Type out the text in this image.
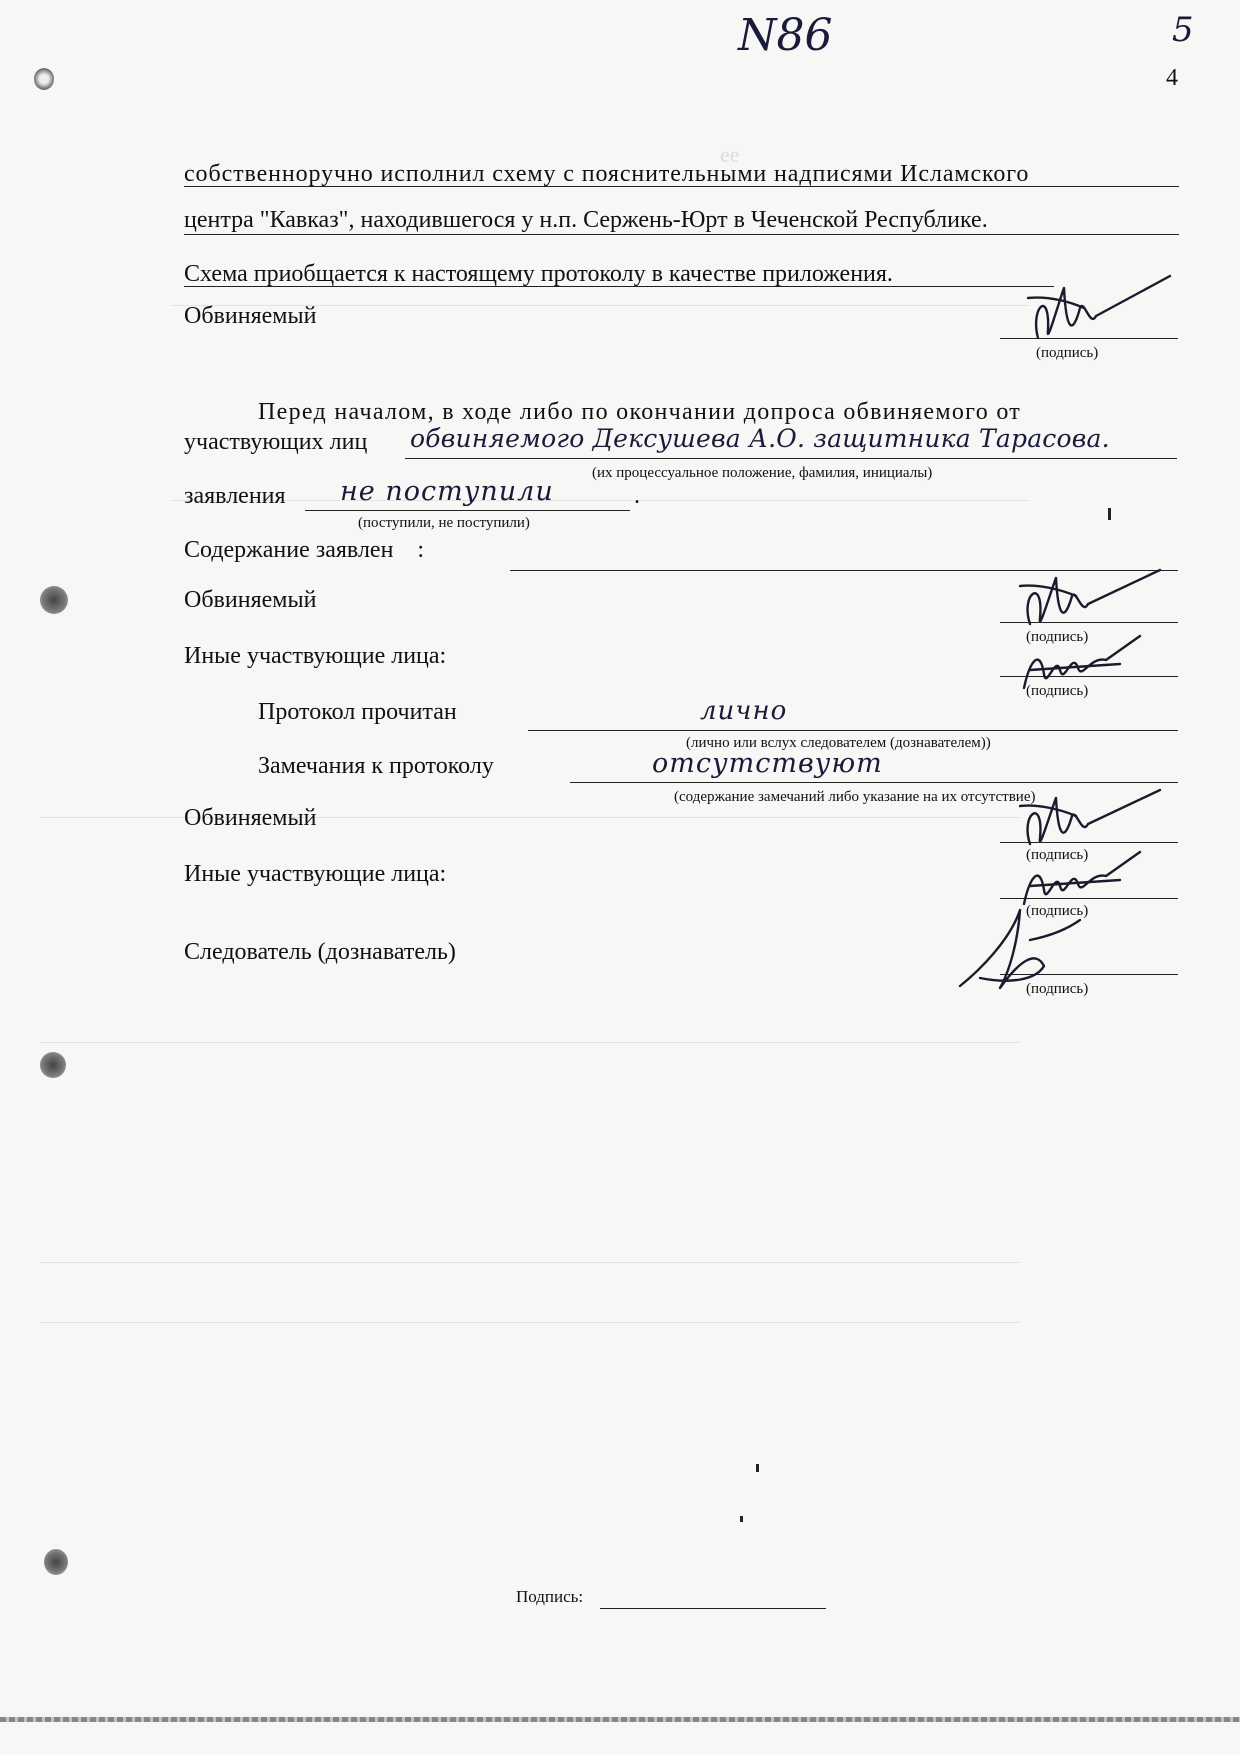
ее
N86	5
4
собственноручно исполнил схему с пояснительными надписями Исламского
центра "Кавказ", находившегося у н.п. Сержень-Юрт в Чеченской Республике.
Схема приобщается к настоящему протоколу в качестве приложения.
Обвиняемый
(подпись)
Перед началом, в ходе либо по окончании допроса обвиняемого от
участвующих лиц обвиняемого Дексушева А.О. защитника Тарасова.
(их процессуальное положение, фамилия, инициалы)
заявления не поступили	.
(поступили, не поступили)
Содержание заявлен    :
Обвиняемый
(подпись)
Иные участвующие лица:
(подпись)
Протокол прочитан	лично
(лично или вслух следователем (дознавателем))
Замечания к протоколу	отсутствуют
(содержание замечаний либо указание на их отсутствие)
Обвиняемый
(подпись)
Иные участвующие лица:
(подпись)
Следователь (дознаватель)
(подпись)
Подпись:
